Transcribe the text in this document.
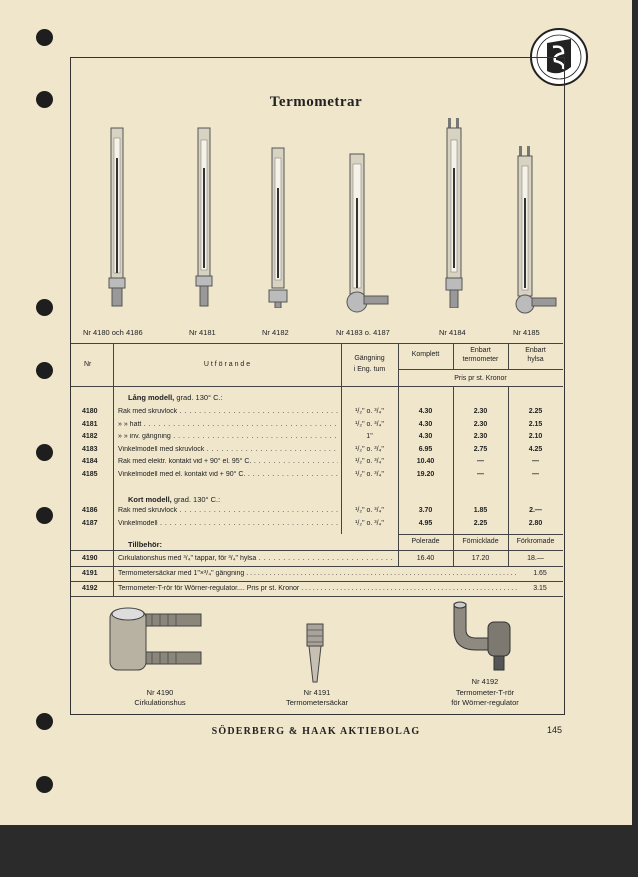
Termometrar
Nr 4180 och 4186	Nr 4181	Nr 4182	Nr 4183 o. 4187	Nr 4184	Nr 4185
Nr	U t f ö r a n d e
Gängning
i Eng. tum
Komplett
Enbart
termometer
Enbart
hylsa
Pris pr st. Kronor
Lång modell, grad. 130° C.:
4180	Rak med skruvlock . . .	¹/₂" o. ³/₄"	4.30	2.30	2.25
4181	» » hatt . . .	¹/₂" o. ³/₄"	4.30	2.30	2.15
4182	» » inv. gängning . . .	1"	4.30	2.30	2.10
4183	Vinkelmodell med skruvlock . . .	¹/₂" o. ³/₄"	6.95	2.75	4.25
4184	Rak med elektr. kontakt vid + 90° el. 95° C. . . .	¹/₂" o. ³/₄"	10.40	—	—
4185	Vinkelmodell med el. kontakt vid + 90° C. . . .	¹/₂" o. ³/₄"	19.20	—	—
Kort modell, grad. 130° C.:
4186	Rak med skruvlock . . .	¹/₂" o. ³/₄"	3.70	1.85	2.—
4187	Vinkelmodell . . .	¹/₂" o. ³/₄"	4.95	2.25	2.80
Polerade	Förnicklade	Förkromade
Tillbehör:
4190	Cirkulationshus med ³/₄" tappar, för ³/₄" hylsa . . .	16.40	17.20	18.—
4191	Termometersäckar med 1"×³/₄" gängning . . .	1.65
4192	Termometer-T-rör för Wörner-regulator.... Pris pr st. Kronor . . .	3.15
Nr 4190
Cirkulationshus
Nr 4191
Termometersäckar
Nr 4192
Termometer-T-rör
för Wörner-regulator
SÖDERBERG & HAAK AKTIEBOLAG	145
